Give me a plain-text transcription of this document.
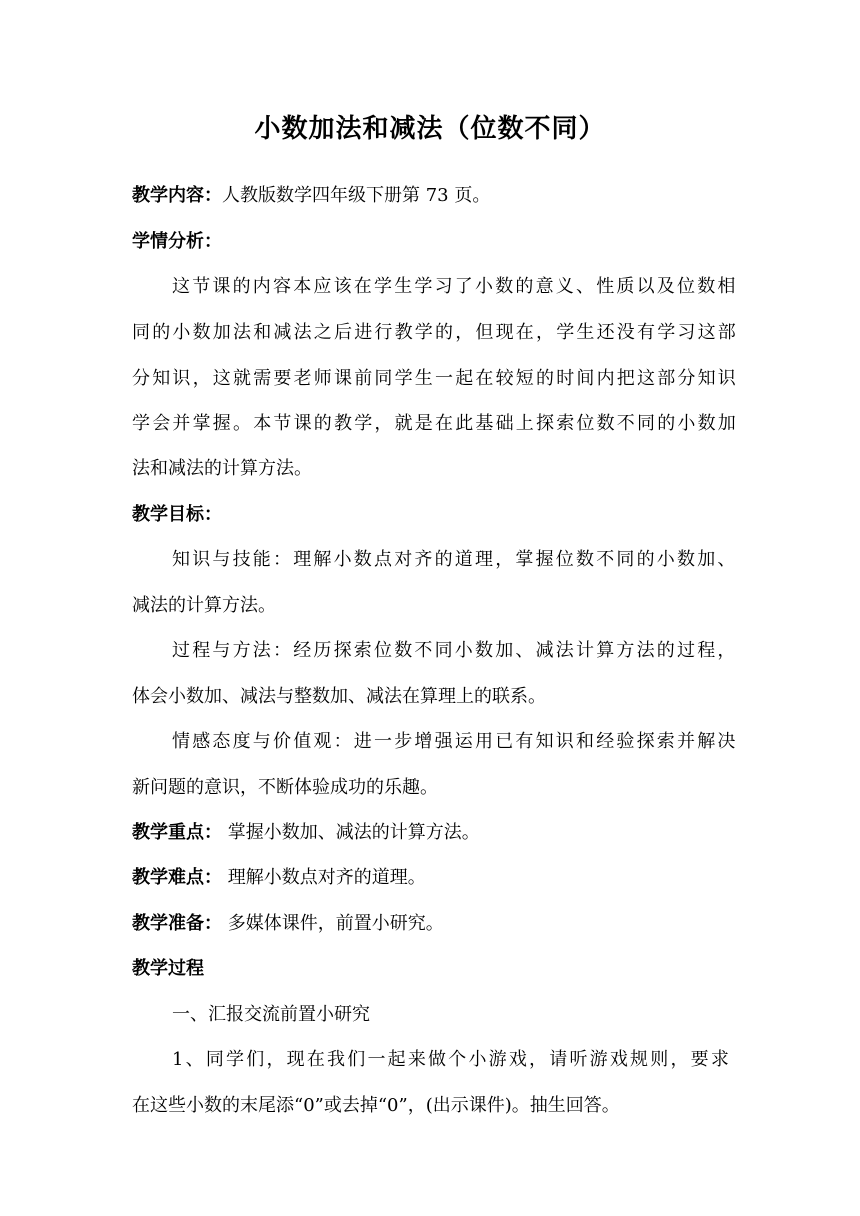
小数加法和减法（位数不同）
教学内容：人教版数学四年级下册第 73 页。
学情分析：
这节课的内容本应该在学生学习了小数的意义、性质以及位数相
同的小数加法和减法之后进行教学的，但现在，学生还没有学习这部
分知识，这就需要老师课前同学生一起在较短的时间内把这部分知识
学会并掌握。本节课的教学，就是在此基础上探索位数不同的小数加
法和减法的计算方法。
教学目标：
知识与技能：理解小数点对齐的道理，掌握位数不同的小数加、
减法的计算方法。
过程与方法：经历探索位数不同小数加、减法计算方法的过程，
体会小数加、减法与整数加、减法在算理上的联系。
情感态度与价值观：进一步增强运用已有知识和经验探索并解决
新问题的意识，不断体验成功的乐趣。
教学重点： 掌握小数加、减法的计算方法。
教学难点： 理解小数点对齐的道理。
教学准备： 多媒体课件，前置小研究。
教学过程
一、汇报交流前置小研究
1、同学们，现在我们一起来做个小游戏，请听游戏规则，要求
在这些小数的末尾添“0”或去掉“0”，(出示课件)。抽生回答。
